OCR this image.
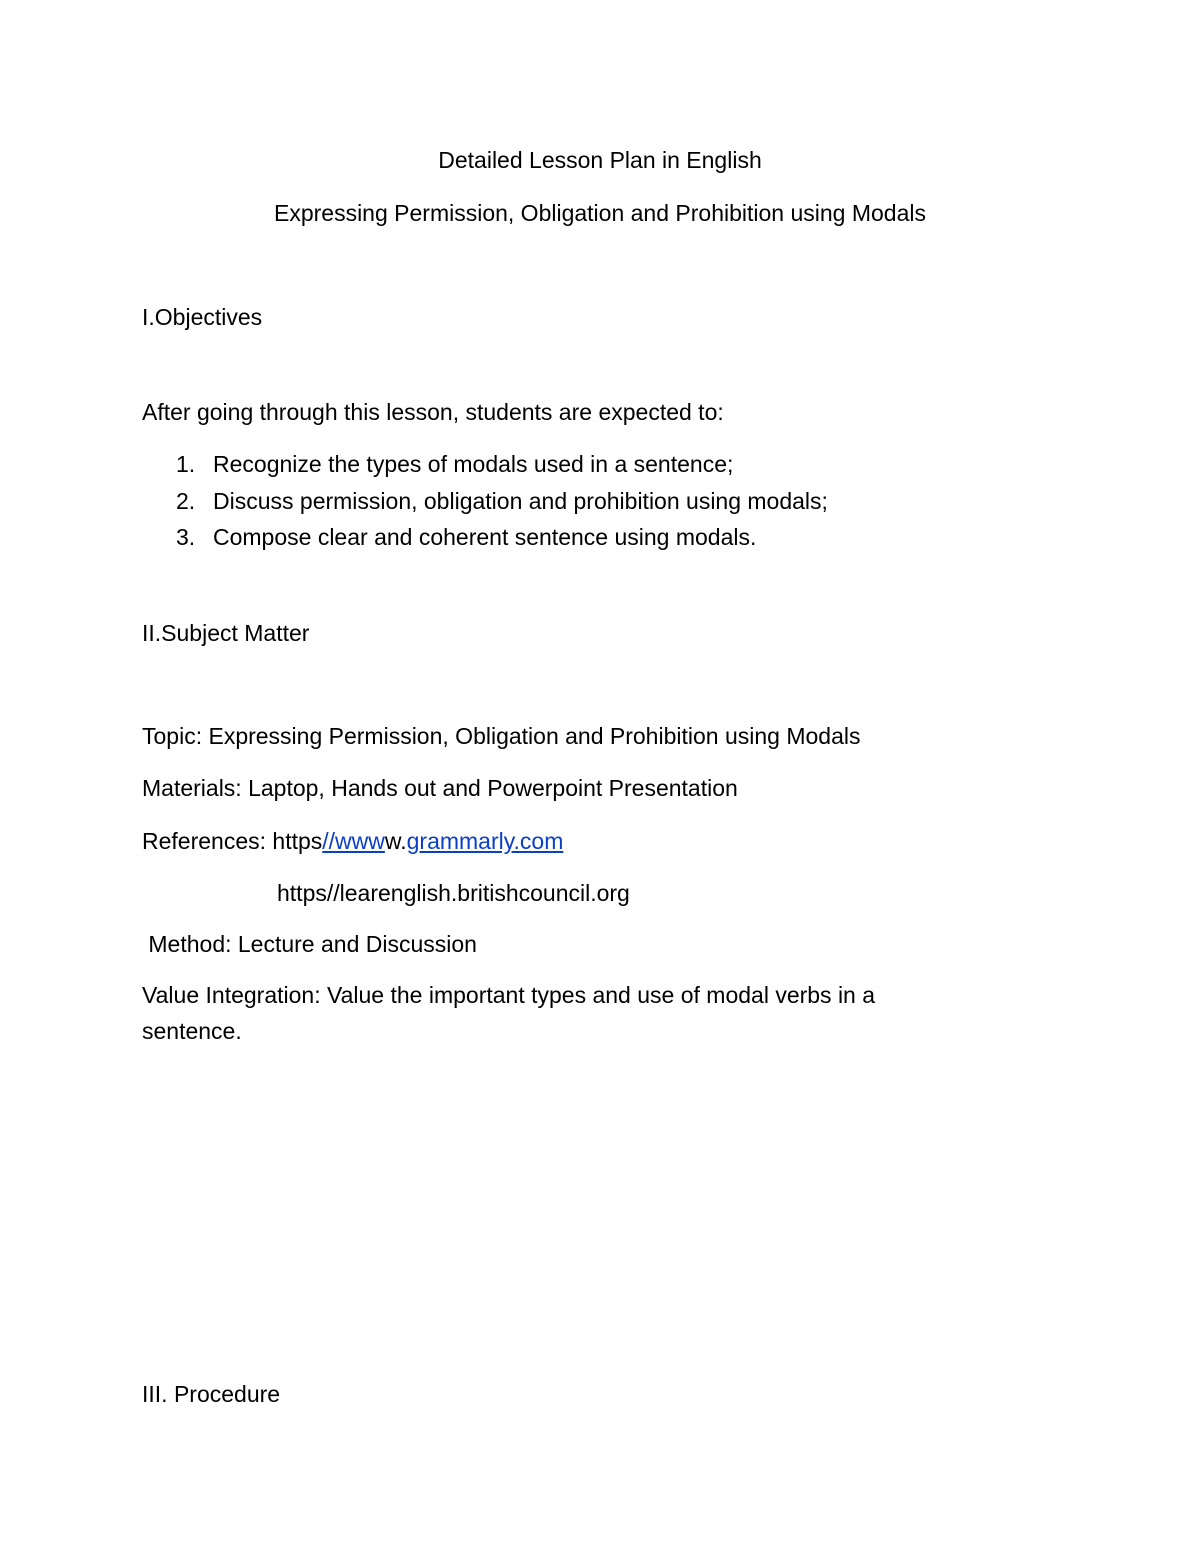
Detailed Lesson Plan in English
Expressing Permission, Obligation and Prohibition using Modals
I.Objectives
After going through this lesson, students are expected to:
1. Recognize the types of modals used in a sentence;
2. Discuss permission, obligation and prohibition using modals;
3. Compose clear and coherent sentence using modals.
II.Subject Matter
Topic: Expressing Permission, Obligation and Prohibition using Modals
Materials: Laptop, Hands out and Powerpoint Presentation
References: https//wwww.grammarly.com
https//learenglish.britishcouncil.org
Method: Lecture and Discussion
Value Integration: Value the important types and use of modal verbs in a sentence.
III. Procedure
